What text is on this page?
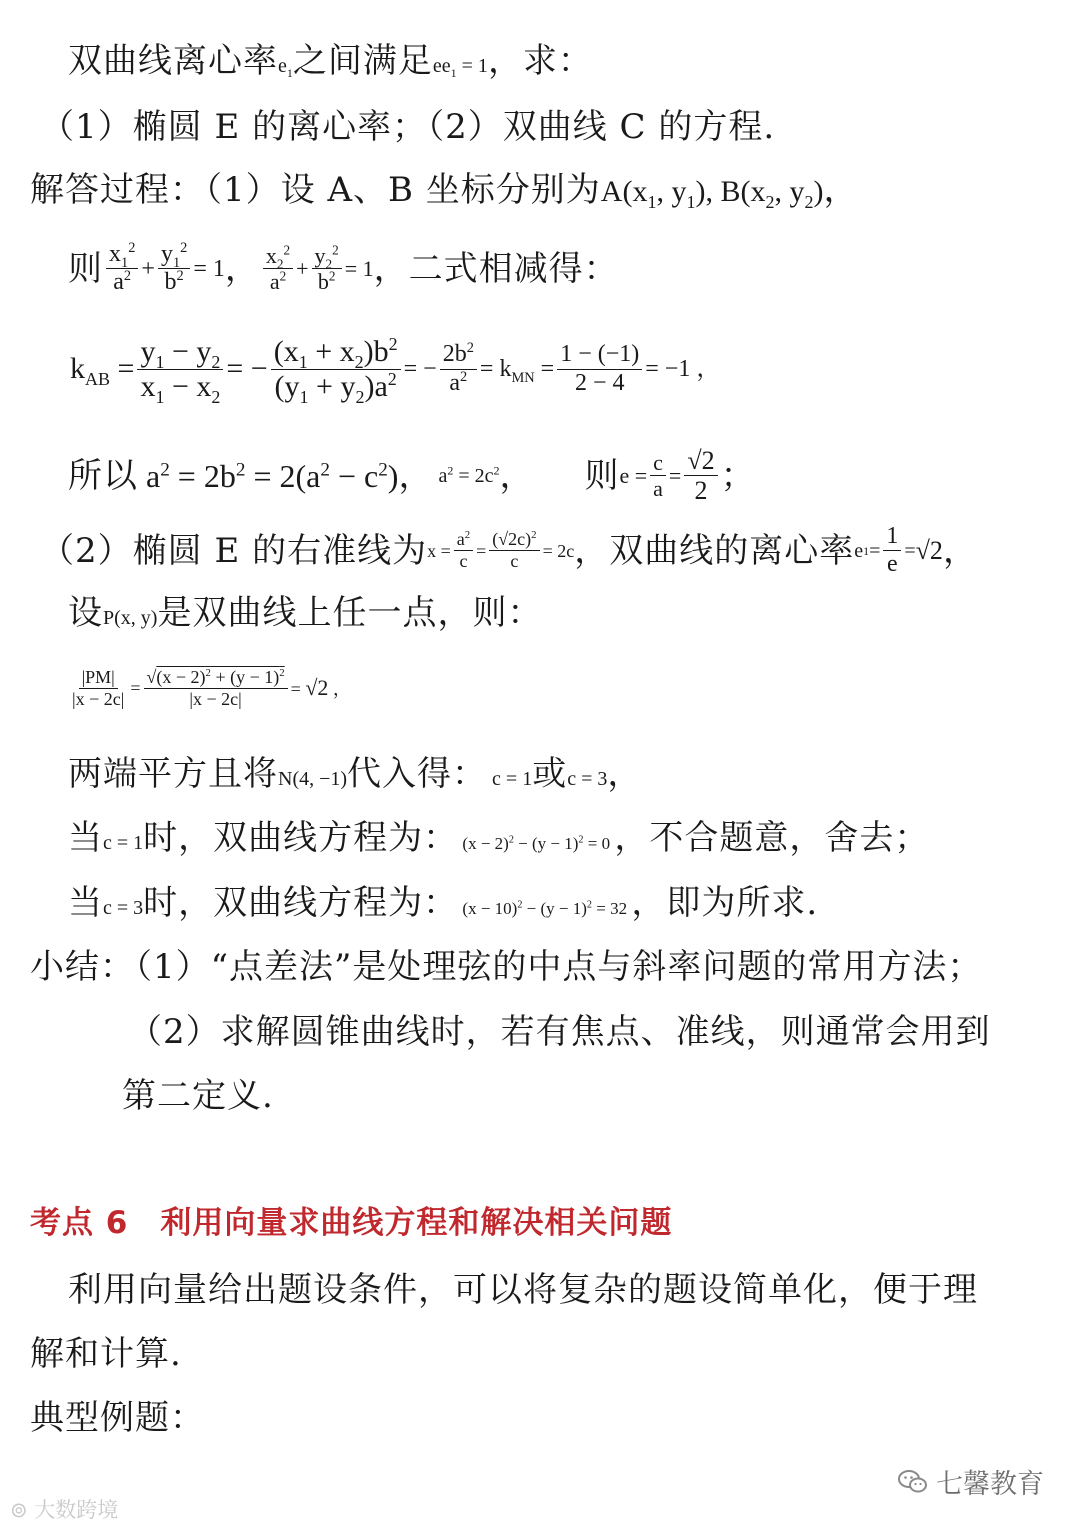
双曲线离心率$e_1$之间满足$ee_1 = 1$，求：
（1）椭圆 E 的离心率；（2）双曲线 C 的方程.
解答过程：（1）设 A、B 坐标分别为$A(x_1$, $y_1$), $B(x_2$, $y_2$)，
则 $x_1^2$
$a^2$ +
$y_1^2$
$b^2 = 1$ ， $x_2^2$
$a^2$ +
$y_2^2$
$b^2 = 1$ ，二式相减得：
$k_{AB} = \frac{y_1 - y_2}{x_1 - x_2}$ = − $\frac{(x_1 + x_2)b^2}{(y_1 + y_2)a^2}$ = − $\frac{2b^2}{a^2} = k_{MN} = \frac{1 - (-1)}{2 - 4} = -1$ ，
所以 $a^2 = 2b^2 = 2(a^2 - c^2)$ ， $a^2 = 2c^2$ ， 则 e =
c
a
=
√2
2 ；
（2）椭圆 E 的右准线为 x =
$a^2$
c
=
$(√2c)^2$
c
= 2c ，双曲线的离心率 e 1 =
1
e
= √2 ，
设P(x, y)是双曲线上任一点，则：
$\frac{|PM|}{|x - 2c|} = \frac{√(x - 2)^2 + (y - 1)^2}{|x - 2c|} = √2$ ，
两端平方且将N(4, −1)代入得： c = 1或c = 3，
当c = 1时，双曲线方程为： $(x - 2)^2 - (y - 1)^2 = 0$ ，不合题意，舍去；
当c = 3时，双曲线方程为： $(x - 10)^2 - (y - 1)^2 = 32$ ，即为所求.
小结：（1）“点差法”是处理弦的中点与斜率问题的常用方法；
（2）求解圆锥曲线时，若有焦点、准线，则通常会用到
第二定义.
考点 6　利用向量求曲线方程和解决相关问题
利用向量给出题设条件，可以将复杂的题设简单化，便于理
解和计算.
典型例题：
⊚ 大数跨境
七馨教育
